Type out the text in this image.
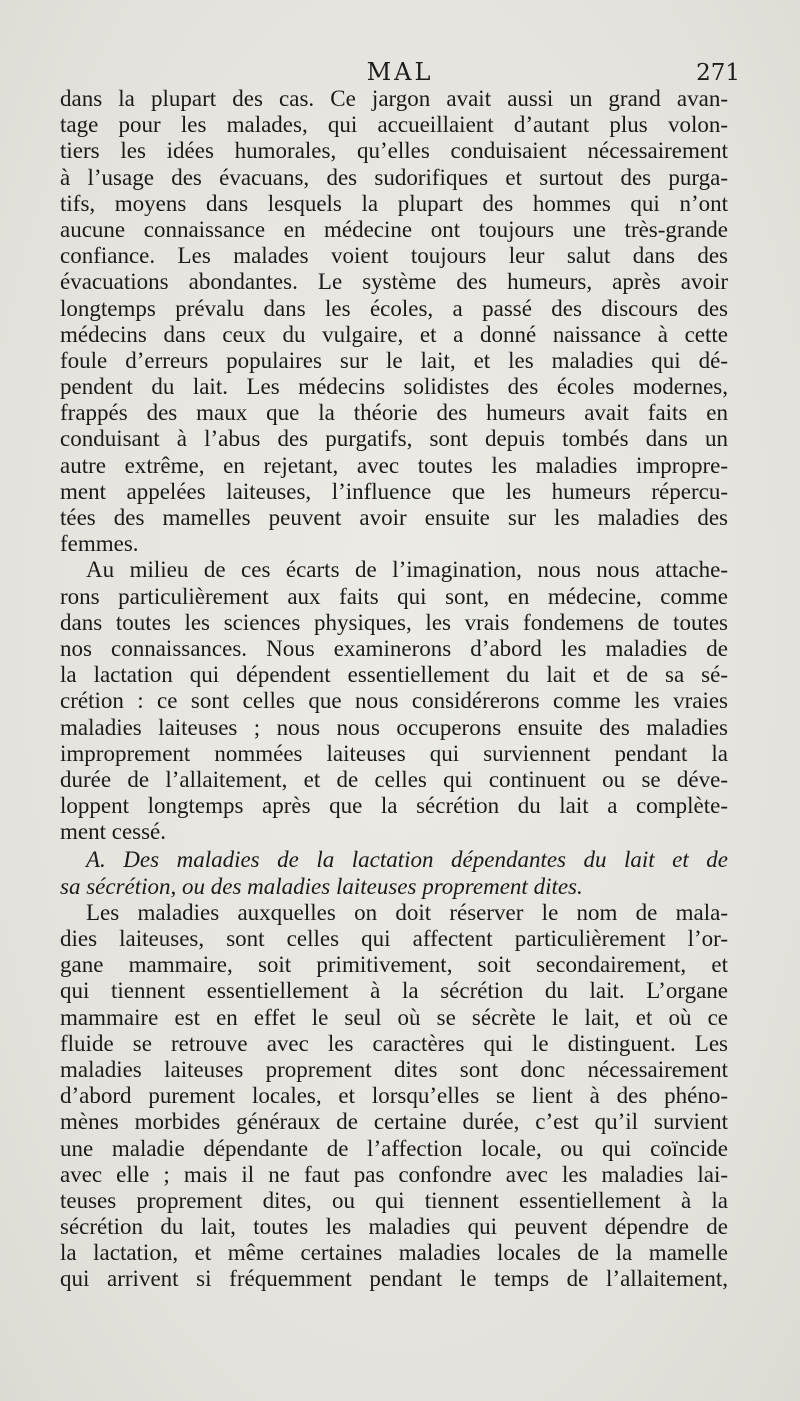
MAL	271
dans la plupart des cas. Ce jargon avait aussi un grand avan-
tage pour les malades, qui accueillaient d’autant plus volon-
tiers les idées humorales, qu’elles conduisaient nécessairement
à l’usage des évacuans, des sudorifiques et surtout des purga-
tifs, moyens dans lesquels la plupart des hommes qui n’ont
aucune connaissance en médecine ont toujours une très-grande
confiance. Les malades voient toujours leur salut dans des
évacuations abondantes. Le système des humeurs, après avoir
longtemps prévalu dans les écoles, a passé des discours des
médecins dans ceux du vulgaire, et a donné naissance à cette
foule d’erreurs populaires sur le lait, et les maladies qui dé-
pendent du lait. Les médecins solidistes des écoles modernes,
frappés des maux que la théorie des humeurs avait faits en
conduisant à l’abus des purgatifs, sont depuis tombés dans un
autre extrême, en rejetant, avec toutes les maladies impropre-
ment appelées laiteuses, l’influence que les humeurs répercu-
tées des mamelles peuvent avoir ensuite sur les maladies des
femmes.
Au milieu de ces écarts de l’imagination, nous nous attache-
rons particulièrement aux faits qui sont, en médecine, comme
dans toutes les sciences physiques, les vrais fondemens de toutes
nos connaissances. Nous examinerons d’abord les maladies de
la lactation qui dépendent essentiellement du lait et de sa sé-
crétion : ce sont celles que nous considérerons comme les vraies
maladies laiteuses ; nous nous occuperons ensuite des maladies
improprement nommées laiteuses qui surviennent pendant la
durée de l’allaitement, et de celles qui continuent ou se déve-
loppent longtemps après que la sécrétion du lait a complète-
ment cessé.
A. Des maladies de la lactation dépendantes du lait et de
sa sécrétion, ou des maladies laiteuses proprement dites.
Les maladies auxquelles on doit réserver le nom de mala-
dies laiteuses, sont celles qui affectent particulièrement l’or-
gane mammaire, soit primitivement, soit secondairement, et
qui tiennent essentiellement à la sécrétion du lait. L’organe
mammaire est en effet le seul où se sécrète le lait, et où ce
fluide se retrouve avec les caractères qui le distinguent. Les
maladies laiteuses proprement dites sont donc nécessairement
d’abord purement locales, et lorsqu’elles se lient à des phéno-
mènes morbides généraux de certaine durée, c’est qu’il survient
une maladie dépendante de l’affection locale, ou qui coïncide
avec elle ; mais il ne faut pas confondre avec les maladies lai-
teuses proprement dites, ou qui tiennent essentiellement à la
sécrétion du lait, toutes les maladies qui peuvent dépendre de
la lactation, et même certaines maladies locales de la mamelle
qui arrivent si fréquemment pendant le temps de l’allaitement,
